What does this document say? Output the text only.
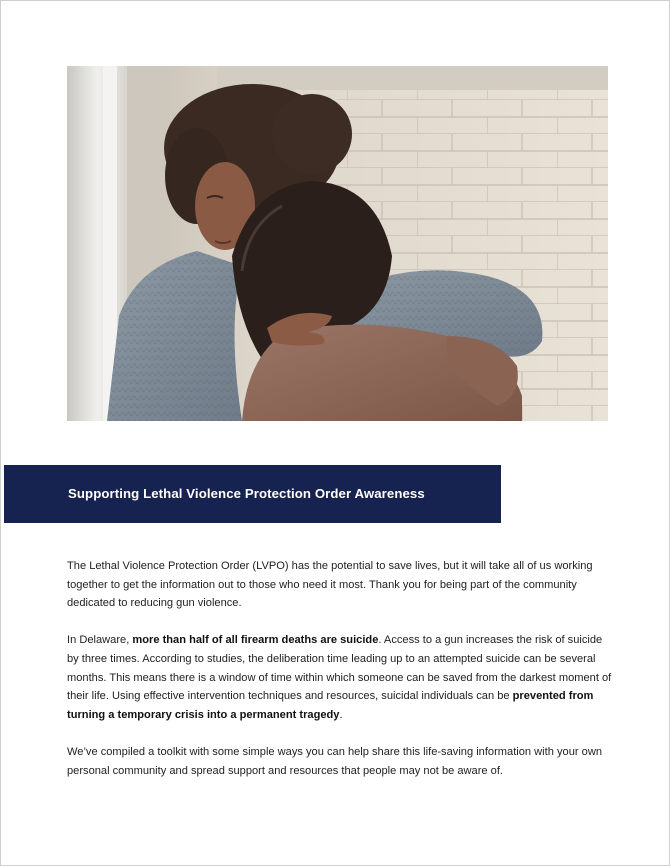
Supporting Lethal Violence Protection Order Awareness

The Lethal Violence Protection Order (LVPO) has the potential to save lives, but it will take all of us working together to get the information out to those who need it most. Thank you for being part of the community dedicated to reducing gun violence.

In Delaware, more than half of all firearm deaths are suicide. Access to a gun increases the risk of suicide by three times. According to studies, the deliberation time leading up to an attempted suicide can be several months. This means there is a window of time within which someone can be saved from the darkest moment of their life. Using effective intervention techniques and resources, suicidal individuals can be prevented from turning a temporary crisis into a permanent tragedy.

We’ve compiled a toolkit with some simple ways you can help share this life-saving information with your own personal community and spread support and resources that people may not be aware of.
